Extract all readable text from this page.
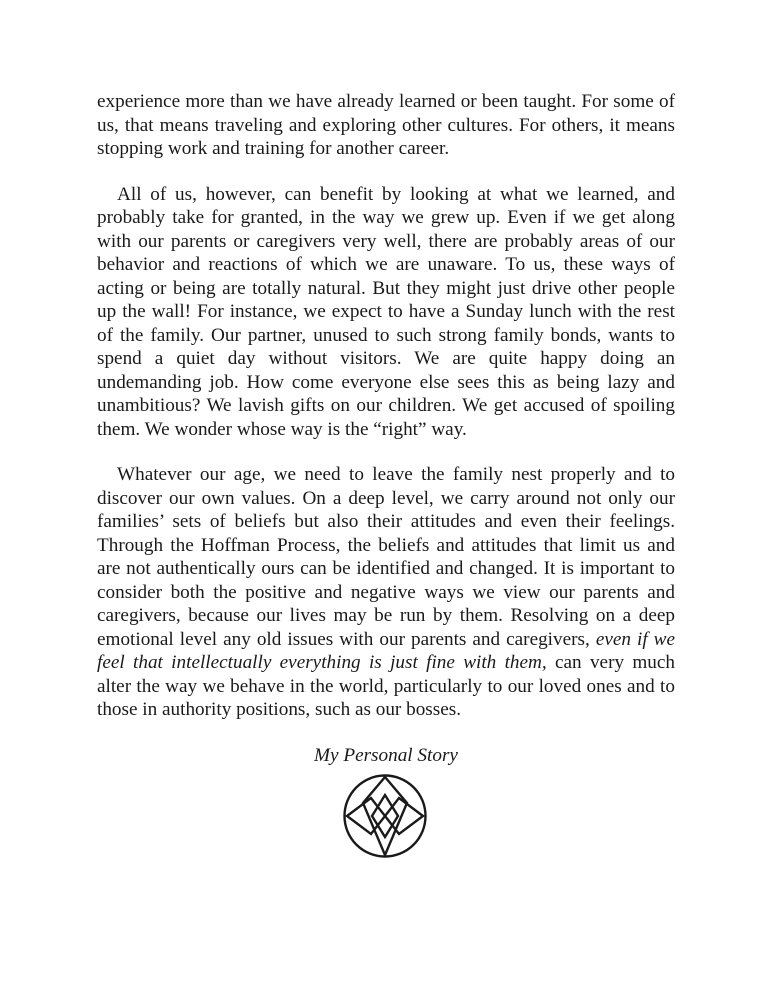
experience more than we have already learned or been taught. For some of us, that means traveling and exploring other cultures. For others, it means stopping work and training for another career.

All of us, however, can benefit by looking at what we learned, and probably take for granted, in the way we grew up. Even if we get along with our parents or caregivers very well, there are probably areas of our behavior and reactions of which we are unaware. To us, these ways of acting or being are totally natural. But they might just drive other people up the wall! For instance, we expect to have a Sunday lunch with the rest of the family. Our partner, unused to such strong family bonds, wants to spend a quiet day without visitors. We are quite happy doing an undemanding job. How come everyone else sees this as being lazy and unambitious? We lavish gifts on our children. We get accused of spoiling them. We wonder whose way is the “right” way.

Whatever our age, we need to leave the family nest properly and to discover our own values. On a deep level, we carry around not only our families’ sets of beliefs but also their attitudes and even their feelings. Through the Hoffman Process, the beliefs and attitudes that limit us and are not authentically ours can be identified and changed. It is important to consider both the positive and negative ways we view our parents and caregivers, because our lives may be run by them. Resolving on a deep emotional level any old issues with our parents and caregivers, even if we feel that intellectually everything is just fine with them, can very much alter the way we behave in the world, particularly to our loved ones and to those in authority positions, such as our bosses.

My Personal Story
